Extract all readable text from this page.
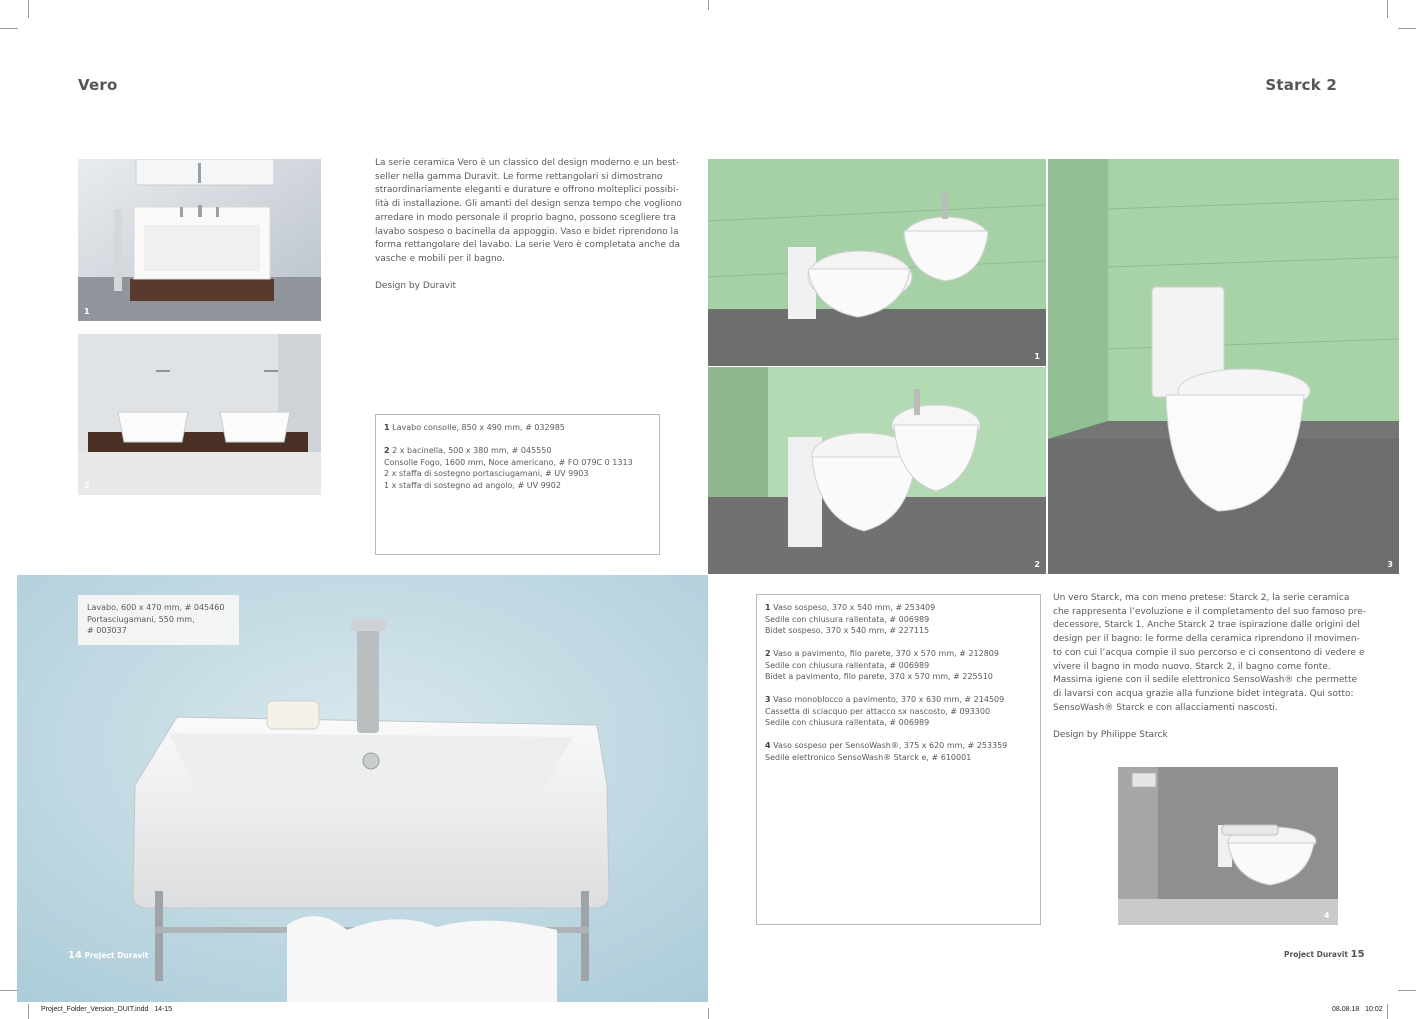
Vero
1
2

La serie ceramica Vero è un classico del design moderno e un best-
seller nella gamma Duravit. Le forme rettangolari si dimostrano
straordinariamente eleganti e durature e offrono molteplici possibi-
lità di installazione. Gli amanti del design senza tempo che vogliono
arredare in modo personale il proprio bagno, possono scegliere tra
lavabo sospeso o bacinella da appoggio. Vaso e bidet riprendono la
forma rettangolare del lavabo. La serie Vero è completata anche da
vasche e mobili per il bagno.

Design by Duravit
1 Lavabo consolle, 850 x 490 mm, # 032985
2 2 x bacinella, 500 x 380 mm, # 045550
Consolle Fogo, 1600 mm, Noce americano, # FO 079C 0 1313
2 x staffa di sostegno portasciugamani, # UV 9903
1 x staffa di sostegno ad angolo, # UV 9902
Lavabo, 600 x 470 mm, # 045460
Portasciugamani, 550 mm,
# 003037
14 Project Duravit
Starck 2
1
2	3
1 Vaso sospeso, 370 x 540 mm, # 253409
Sedile con chiusura rallentata, # 006989
Bidet sospeso, 370 x 540 mm, # 227115
2 Vaso a pavimento, filo parete, 370 x 570 mm, # 212809
Sedile con chiusura rallentata, # 006989
Bidet a pavimento, filo parete, 370 x 570 mm, # 225510
3 Vaso monoblocco a pavimento, 370 x 630 mm, # 214509
Cassetta di sciacquo per attacco sx nascosto, # 093300
Sedile con chiusura rallentata, # 006989
4 Vaso sospeso per SensoWash®, 375 x 620 mm, # 253359
Sedile elettronico SensoWash® Starck e, # 610001

Un vero Starck, ma con meno pretese: Starck 2, la serie ceramica
che rappresenta l’evoluzione e il completamento del suo famoso pre-
decessore, Starck 1. Anche Starck 2 trae ispirazione dalle origini del
design per il bagno: le forme della ceramica riprendono il movimen-
to con cui l’acqua compie il suo percorso e ci consentono di vedere e
vivere il bagno in modo nuovo. Starck 2, il bagno come fonte.
Massima igiene con il sedile elettronico SensoWash® che permette
di lavarsi con acqua grazie alla funzione bidet integrata. Qui sotto:
SensoWash® Starck e con allacciamenti nascosti.

Design by Philippe Starck
4
Project Duravit 15
Project_Folder_Version_DUIT.indd   14-15	08.08.18   10:02
